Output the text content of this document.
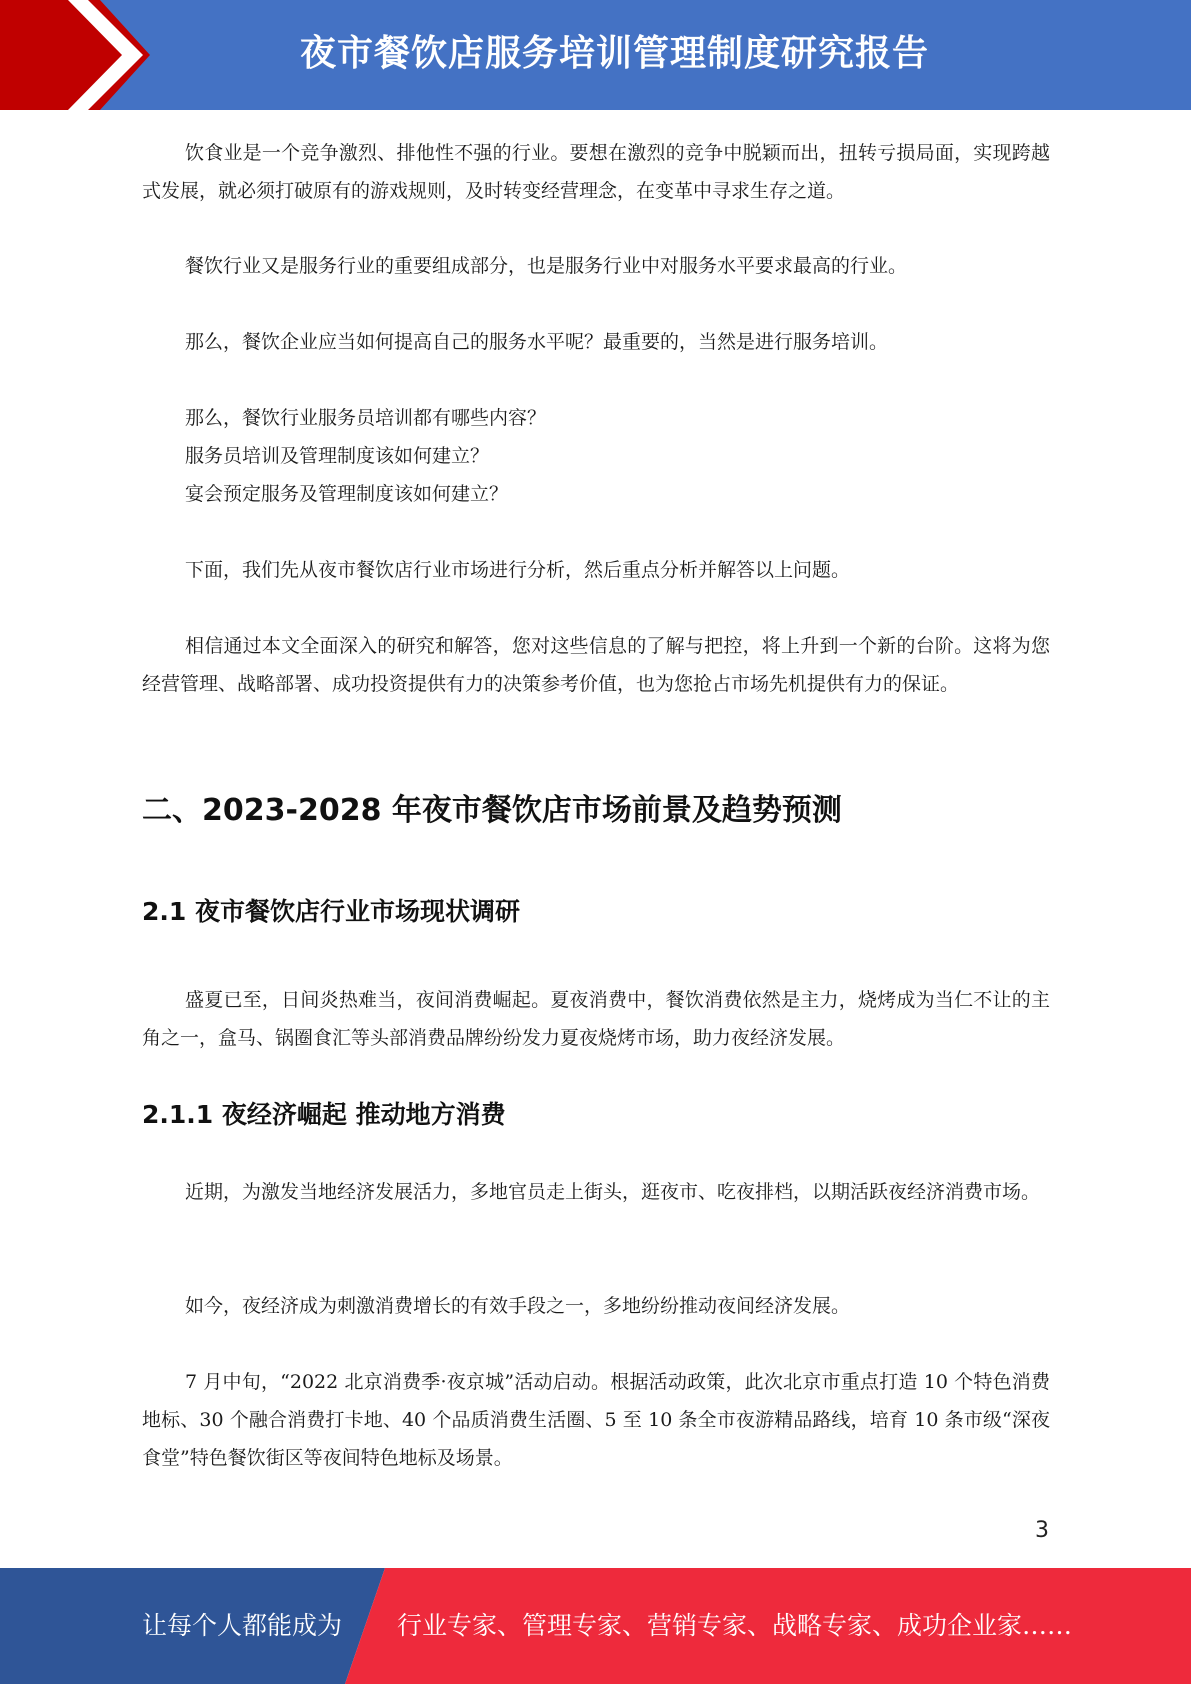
夜市餐饮店服务培训管理制度研究报告

饮食业是一个竞争激烈、排他性不强的行业。要想在激烈的竞争中脱颖而出，扭转亏损局面，实现跨越式发展，就必须打破原有的游戏规则，及时转变经营理念，在变革中寻求生存之道。

餐饮行业又是服务行业的重要组成部分，也是服务行业中对服务水平要求最高的行业。

那么，餐饮企业应当如何提高自己的服务水平呢？最重要的，当然是进行服务培训。

那么，餐饮行业服务员培训都有哪些内容？

服务员培训及管理制度该如何建立？

宴会预定服务及管理制度该如何建立？

下面，我们先从夜市餐饮店行业市场进行分析，然后重点分析并解答以上问题。

相信通过本文全面深入的研究和解答，您对这些信息的了解与把控，将上升到一个新的台阶。这将为您经营管理、战略部署、成功投资提供有力的决策参考价值，也为您抢占市场先机提供有力的保证。

二、2023-2028 年夜市餐饮店市场前景及趋势预测
2.1 夜市餐饮店行业市场现状调研

盛夏已至，日间炎热难当，夜间消费崛起。夏夜消费中，餐饮消费依然是主力，烧烤成为当仁不让的主角之一，盒马、锅圈食汇等头部消费品牌纷纷发力夏夜烧烤市场，助力夜经济发展。

2.1.1 夜经济崛起 推动地方消费

近期，为激发当地经济发展活力，多地官员走上街头，逛夜市、吃夜排档，以期活跃夜经济消费市场。

如今，夜经济成为刺激消费增长的有效手段之一，多地纷纷推动夜间经济发展。

7 月中旬，“2022 北京消费季·夜京城”活动启动。根据活动政策，此次北京市重点打造 10 个特色消费地标、30 个融合消费打卡地、40 个品质消费生活圈、5 至 10 条全市夜游精品路线，培育 10 条市级“深夜食堂”特色餐饮街区等夜间特色地标及场景。

3
让每个人都能成为 行业专家、管理专家、营销专家、战略专家、成功企业家……
